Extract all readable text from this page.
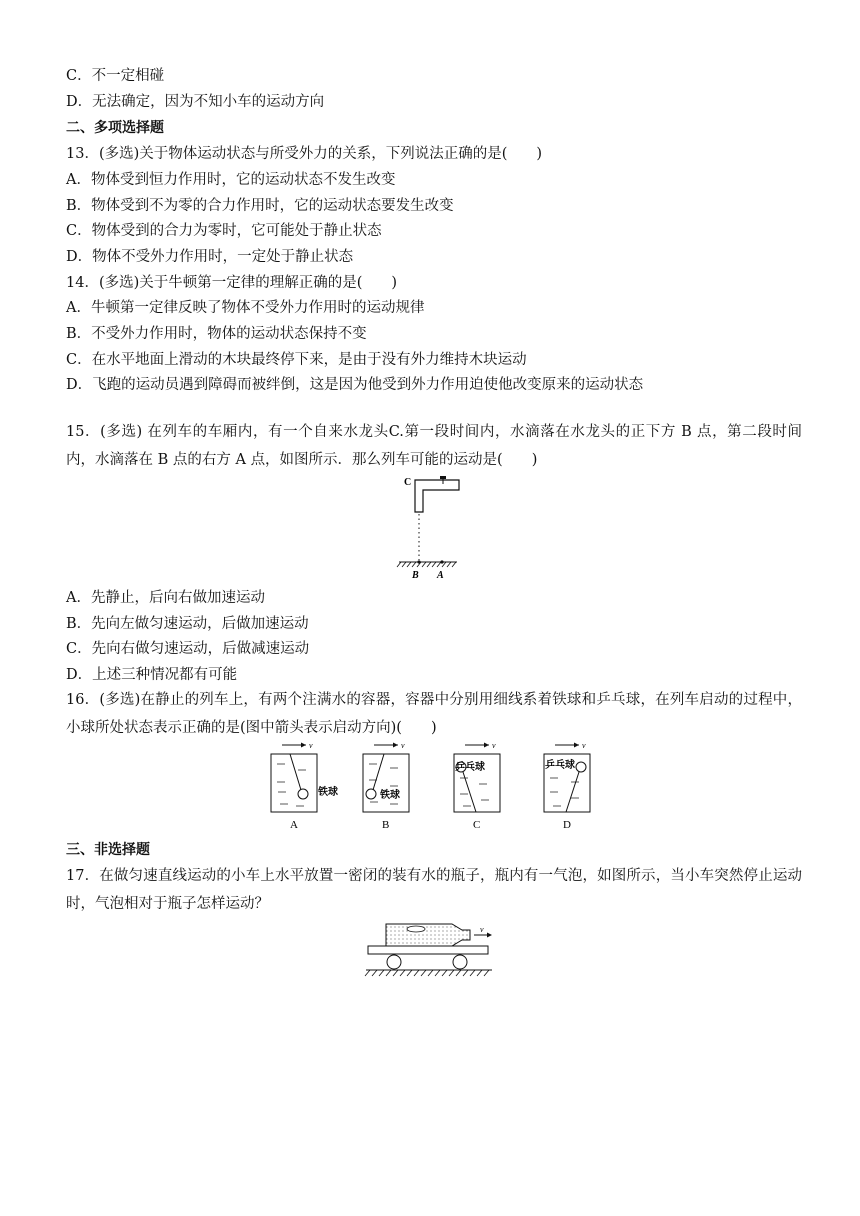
C．不一定相碰
D．无法确定，因为不知小车的运动方向
二、多项选择题
13．(多选)关于物体运动状态与所受外力的关系，下列说法正确的是(　　)
A．物体受到恒力作用时，它的运动状态不发生改变
B．物体受到不为零的合力作用时，它的运动状态要发生改变
C．物体受到的合力为零时，它可能处于静止状态
D．物体不受外力作用时，一定处于静止状态
14．(多选)关于牛顿第一定律的理解正确的是(　　)
A．牛顿第一定律反映了物体不受外力作用时的运动规律
B．不受外力作用时，物体的运动状态保持不变
C．在水平地面上滑动的木块最终停下来，是由于没有外力维持木块运动
D．飞跑的运动员遇到障碍而被绊倒，这是因为他受到外力作用迫使他改变原来的运动状态
15．(多选) 在列车的车厢内，有一个自来水龙头C.第一段时间内，水滴落在水龙头的正下方 B 点，第二段时间内，水滴落在 B 点的右方 A 点，如图所示．那么列车可能的运动是(　　)
C
B A
A．先静止，后向右做加速运动
B．先向左做匀速运动，后做加速运动
C．先向右做匀速运动，后做减速运动
D．上述三种情况都有可能
16．(多选)在静止的列车上，有两个注满水的容器，容器中分别用细线系着铁球和乒乓球，在列车启动的过程中，小球所处状态表示正确的是(图中箭头表示启动方向)(　　)
v
铁球
A
v
铁球
B
v
乒乓球
C
v
乒乓球
D
三、非选择题
17．在做匀速直线运动的小车上水平放置一密闭的装有水的瓶子，瓶内有一气泡，如图所示，当小车突然停止运动时，气泡相对于瓶子怎样运动？
v
